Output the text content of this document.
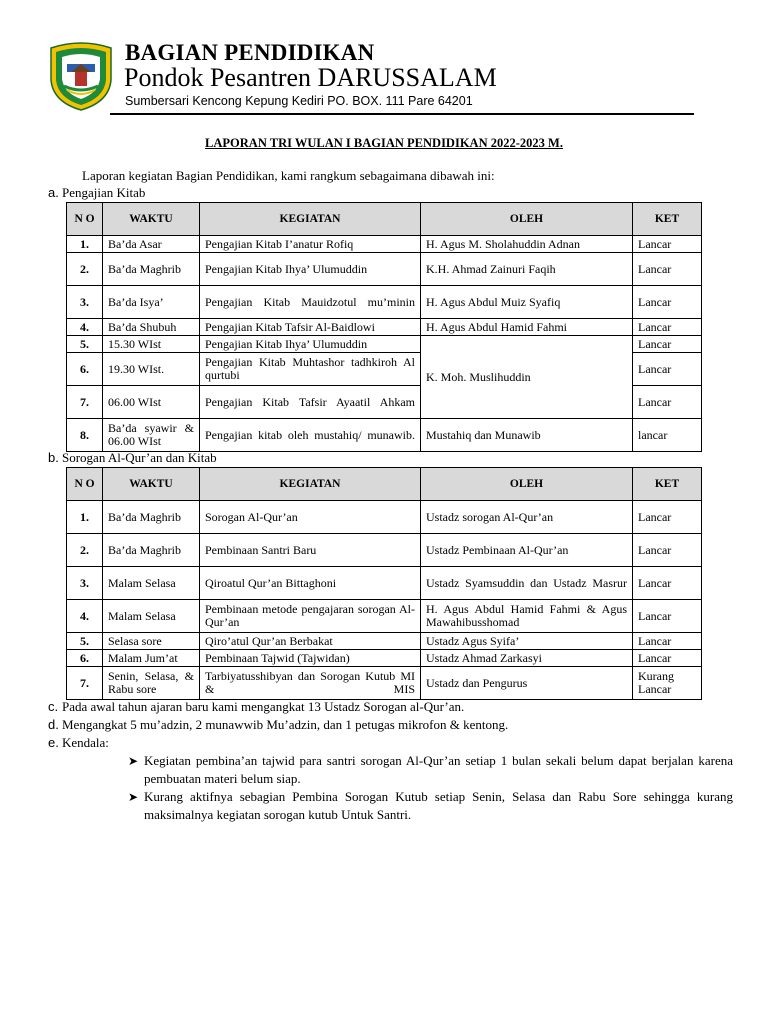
BAGIAN PENDIDIKAN
Pondok Pesantren DARUSSALAM
Sumbersari Kencong Kepung Kediri PO. BOX. 111 Pare 64201
LAPORAN TRI WULAN I BAGIAN PENDIDIKAN 2022-2023 M.
Laporan kegiatan Bagian Pendidikan, kami rangkum sebagaimana dibawah ini:
a. Pengajian Kitab
N O	WAKTU	KEGIATAN	OLEH	KET
1.	Ba’da Asar	Pengajian Kitab I’anatur Rofiq	H. Agus M. Sholahuddin Adnan	Lancar
2.	Ba’da Maghrib	Pengajian Kitab Ihya’ Ulumuddin	K.H. Ahmad Zainuri Faqih	Lancar
3.	Ba’da Isya’	Pengajian Kitab Mauidzotul mu’minin	H. Agus Abdul Muiz Syafiq	Lancar
4.	Ba’da Shubuh	Pengajian Kitab Tafsir Al-Baidlowi	H. Agus Abdul Hamid Fahmi	Lancar
5.	15.30 WIst	Pengajian Kitab Ihya’ Ulumuddin	K. Moh. Muslihuddin	Lancar
6.	19.30 WIst.	Pengajian Kitab Muhtashor tadhkiroh Al qurtubi		Lancar
7.	06.00 WIst	Pengajian Kitab Tafsir Ayaatil Ahkam		Lancar
8.	Ba’da syawir & 06.00 WIst	Pengajian kitab oleh mustahiq/ munawib.	Mustahiq dan Munawib	lancar
b. Sorogan Al-Qur’an dan Kitab
N O	WAKTU	KEGIATAN	OLEH	KET
1.	Ba’da Maghrib	Sorogan Al-Qur’an	Ustadz sorogan Al-Qur’an	Lancar
2.	Ba’da Maghrib	Pembinaan Santri Baru	Ustadz Pembinaan Al-Qur’an	Lancar
3.	Malam Selasa	Qiroatul Qur’an Bittaghoni	Ustadz Syamsuddin dan Ustadz Masrur	Lancar
4.	Malam Selasa	Pembinaan metode pengajaran sorogan Al-Qur’an	H. Agus Abdul Hamid Fahmi & Agus Mawahibusshomad	Lancar
5.	Selasa sore	Qiro’atul Qur’an Berbakat	Ustadz Agus Syifa’	Lancar
6.	Malam Jum’at	Pembinaan Tajwid (Tajwidan)	Ustadz Ahmad Zarkasyi	Lancar
7.	Senin, Selasa, & Rabu sore	Tarbiyatusshibyan dan Sorogan Kutub MI & MIS	Ustadz dan Pengurus	Kurang Lancar
c. Pada awal tahun ajaran baru kami mengangkat 13 Ustadz Sorogan al-Qur’an.
d. Mengangkat 5 mu’adzin, 2 munawwib Mu’adzin, dan 1 petugas mikrofon & kentong.
e. Kendala:
➤ Kegiatan pembina’an tajwid para santri sorogan Al-Qur’an setiap 1 bulan sekali belum dapat berjalan karena pembuatan materi belum siap.
➤ Kurang aktifnya sebagian Pembina Sorogan Kutub setiap Senin, Selasa dan Rabu Sore sehingga kurang maksimalnya kegiatan sorogan kutub Untuk Santri.
